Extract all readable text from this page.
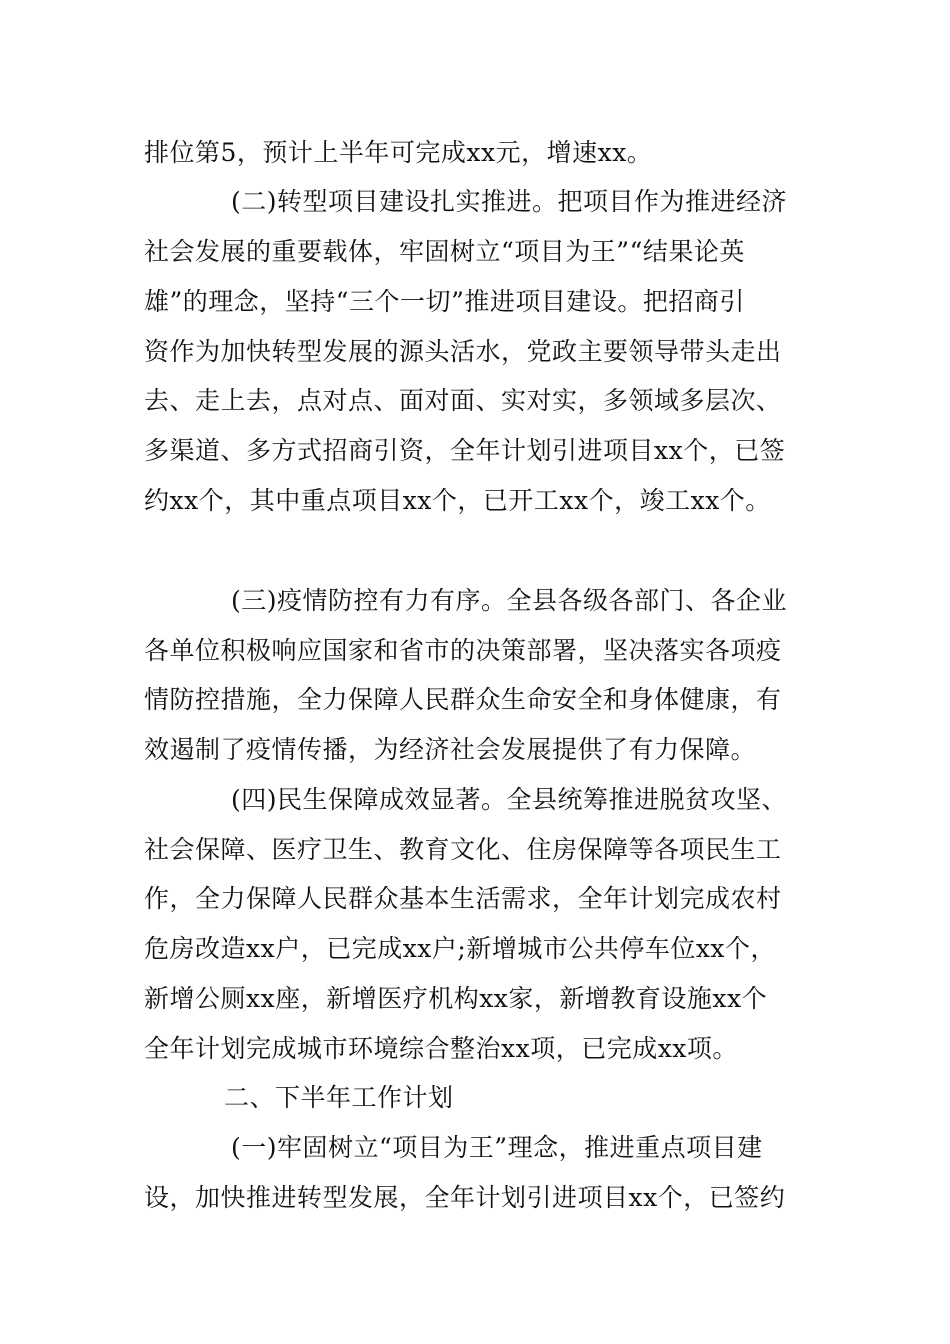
排位第5，预计上半年可完成xx元，增速xx。
(二)转型项目建设扎实推进。把项目作为推进经济
社会发展的重要载体，牢固树立“项目为王”“结果论英
雄”的理念，坚持“三个一切”推进项目建设。把招商引
资作为加快转型发展的源头活水，党政主要领导带头走出
去、走上去，点对点、面对面、实对实，多领域多层次、
多渠道、多方式招商引资，全年计划引进项目xx个，已签
约xx个，其中重点项目xx个，已开工xx个，竣工xx个。
(三)疫情防控有力有序。全县各级各部门、各企业
各单位积极响应国家和省市的决策部署，坚决落实各项疫
情防控措施，全力保障人民群众生命安全和身体健康，有
效遏制了疫情传播，为经济社会发展提供了有力保障。
(四)民生保障成效显著。全县统筹推进脱贫攻坚、
社会保障、医疗卫生、教育文化、住房保障等各项民生工
作，全力保障人民群众基本生活需求，全年计划完成农村
危房改造xx户，已完成xx户;新增城市公共停车位xx个，
新增公厕xx座，新增医疗机构xx家，新增教育设施xx个
全年计划完成城市环境综合整治xx项，已完成xx项。
二、下半年工作计划
(一)牢固树立“项目为王”理念，推进重点项目建
设，加快推进转型发展，全年计划引进项目xx个，已签约
